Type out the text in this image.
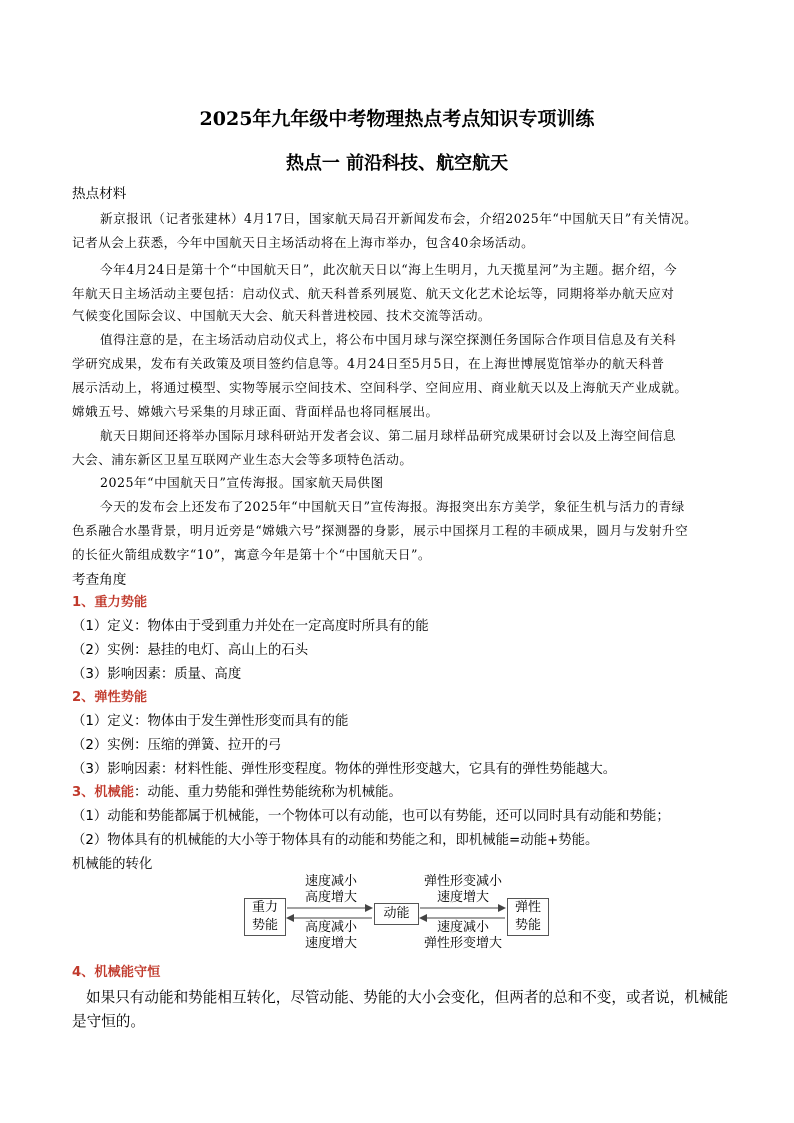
2025年九年级中考物理热点考点知识专项训练
热点一 前沿科技、航空航天
热点材料
新京报讯（记者张建林）4月17日，国家航天局召开新闻发布会，介绍2025年“中国航天日”有关情况。
记者从会上获悉，今年中国航天日主场活动将在上海市举办，包含40余场活动。
今年4月24日是第十个“中国航天日”，此次航天日以“海上生明月，九天揽星河”为主题。据介绍，今
年航天日主场活动主要包括：启动仪式、航天科普系列展览、航天文化艺术论坛等，同期将举办航天应对
气候变化国际会议、中国航天大会、航天科普进校园、技术交流等活动。
值得注意的是，在主场活动启动仪式上，将公布中国月球与深空探测任务国际合作项目信息及有关科
学研究成果，发布有关政策及项目签约信息等。4月24日至5月5日，在上海世博展览馆举办的航天科普
展示活动上，将通过模型、实物等展示空间技术、空间科学、空间应用、商业航天以及上海航天产业成就。
嫦娥五号、嫦娥六号采集的月球正面、背面样品也将同框展出。
航天日期间还将举办国际月球科研站开发者会议、第二届月球样品研究成果研讨会以及上海空间信息
大会、浦东新区卫星互联网产业生态大会等多项特色活动。
2025年“中国航天日”宣传海报。国家航天局供图
今天的发布会上还发布了2025年“中国航天日”宣传海报。海报突出东方美学，象征生机与活力的青绿
色系融合水墨背景，明月近旁是“嫦娥六号”探测器的身影，展示中国探月工程的丰硕成果，圆月与发射升空
的长征火箭组成数字“10”，寓意今年是第十个“中国航天日”。
考查角度
1、重力势能
（1）定义：物体由于受到重力并处在一定高度时所具有的能
（2）实例：悬挂的电灯、高山上的石头
（3）影响因素：质量、高度
2、弹性势能
（1）定义：物体由于发生弹性形变而具有的能
（2）实例：压缩的弹簧、拉开的弓
（3）影响因素：材料性能、弹性形变程度。物体的弹性形变越大，它具有的弹性势能越大。
3、机械能：动能、重力势能和弹性势能统称为机械能。
（1）动能和势能都属于机械能，一个物体可以有动能，也可以有势能，还可以同时具有动能和势能；
（2）物体具有的机械能的大小等于物体具有的动能和势能之和，即机械能=动能+势能。
机械能的转化
重力
势能
动能	弹性
势能
速度减小
高度增大
高度减小
速度增大
弹性形变减小
速度增大
速度减小
弹性形变增大
4、机械能守恒
如果只有动能和势能相互转化，尽管动能、势能的大小会变化，但两者的总和不变，或者说，机械能
是守恒的。
